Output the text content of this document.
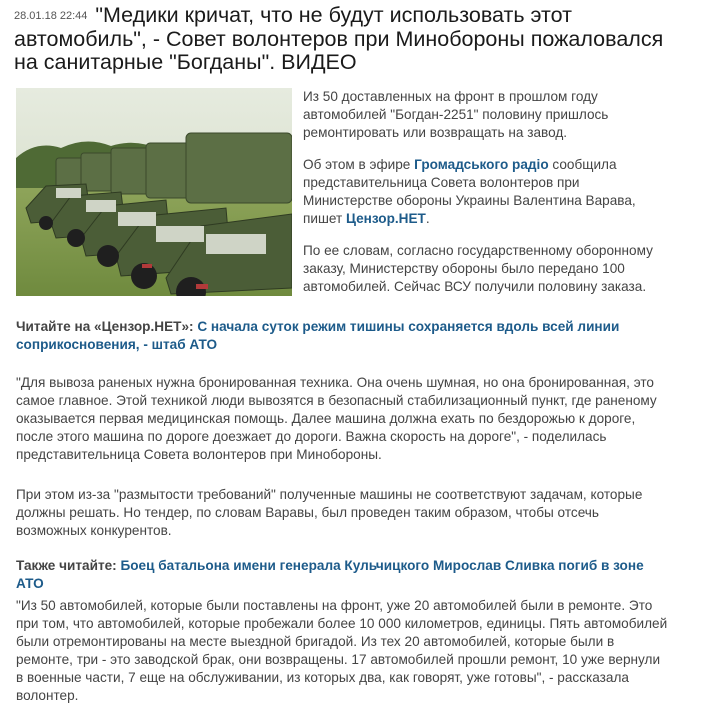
28.01.18 22:44 "Медики кричат, что не будут использовать этот автомобиль", - Совет волонтеров при Минобороны пожаловался на санитарные "Богданы". ВИДЕО

Из 50 доставленных на фронт в прошлом году автомобилей "Богдан-2251" половину пришлось ремонтировать или возвращать на завод.

Об этом в эфире Громадського радіо сообщила представительница Совета волонтеров при Министерстве обороны Украины Валентина Варава, пишет Цензор.НЕТ.

По ее словам, согласно государственному оборонному заказу, Министерству обороны было передано 100 автомобилей. Сейчас ВСУ получили половину заказа.

Читайте на «Цензор.НЕТ»: С начала суток режим тишины сохраняется вдоль всей линии соприкосновения, - штаб АТО

"Для вывоза раненых нужна бронированная техника. Она очень шумная, но она бронированная, это самое главное. Этой техникой люди вывозятся в безопасный стабилизационный пункт, где раненому оказывается первая медицинская помощь. Далее машина должна ехать по бездорожью к дороге, после этого машина по дороге доезжает до дороги. Важна скорость на дороге", - поделилась представительница Совета волонтеров при Минобороны.

При этом из-за "размытости требований" полученные машины не соответствуют задачам, которые должны решать. Но тендер, по словам Варавы, был проведен таким образом, чтобы отсечь возможных конкурентов.

Также читайте: Боец батальона имени генерала Кульчицкого Мирослав Сливка погиб в зоне АТО

"Из 50 автомобилей, которые были поставлены на фронт, уже 20 автомобилей были в ремонте. Это при том, что автомобилей, которые пробежали более 10 000 километров, единицы. Пять автомобилей были отремонтированы на месте выездной бригадой. Из тех 20 автомобилей, которые были в ремонте, три - это заводской брак, они возвращены. 17 автомобилей прошли ремонт, 10 уже вернули в военные части, 7 еще на обслуживании, из которых два, как говорят, уже готовы", - рассказала волонтер.
